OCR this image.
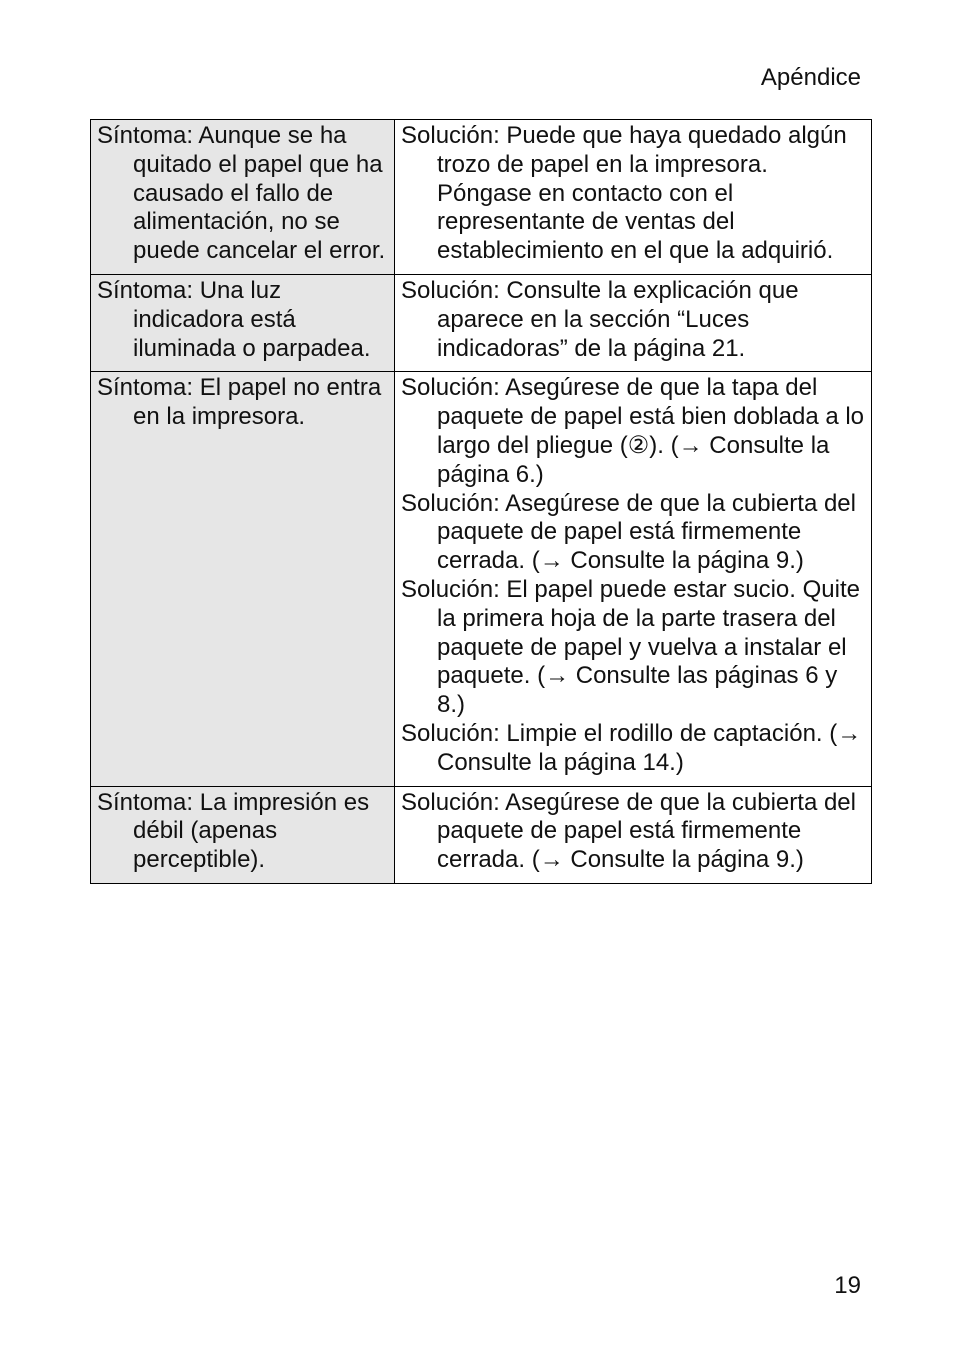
Apéndice
Síntoma: Aunque se ha quitado el papel que ha causado el fallo de alimentación, no se puede cancelar el error.	Solución: Puede que haya quedado algún trozo de papel en la impresora. Póngase en contacto con el representante de ventas del establecimiento en el que la adquirió.

Síntoma: Una luz indicadora está iluminada o parpadea.	Solución: Consulte la explicación que aparece en la sección “Luces indicadoras” de la página 21.

Síntoma: El papel no entra en la impresora.	Solución: Asegúrese de que la tapa del paquete de papel está bien doblada a lo largo del pliegue (②). (→ Consulte la página 6.)
Solución: Asegúrese de que la cubierta del paquete de papel está firmemente cerrada. (→ Consulte la página 9.)
Solución: El papel puede estar sucio. Quite la primera hoja de la parte trasera del paquete de papel y vuelva a instalar el paquete. (→ Consulte las páginas 6 y 8.)
Solución: Limpie el rodillo de captación. (→ Consulte la página 14.)

Síntoma: La impresión es débil (apenas perceptible).	Solución: Asegúrese de que la cubierta del paquete de papel está firmemente cerrada. (→ Consulte la página 9.)
19
